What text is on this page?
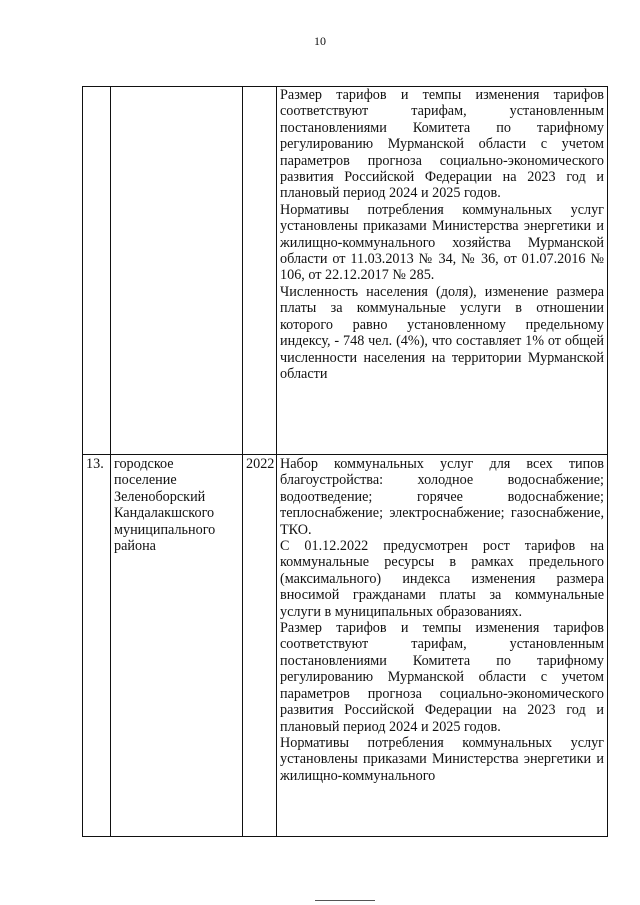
10

			Размер тарифов и темпы изменения тарифов соответствуют тарифам, установленным постановлениями Комитета по тарифному регулированию Мурманской области с учетом параметров прогноза социально-экономического развития Российской Федерации на 2023 год и плановый период 2024 и 2025 годов.

Нормативы потребления коммунальных услуг установлены приказами Министерства энергетики и жилищно-коммунального хозяйства Мурманской области от 11.03.2013 № 34, № 36, от 01.07.2016 № 106, от 22.12.2017 № 285.

Численность населения (доля), изменение размера платы за коммунальные услуги в отношении которого равно установленному предельному индексу, - 748 чел. (4%), что составляет 1% от общей численности населения на территории Мурманской области

13.	городское поселение Зеленоборский Кандалакшского муниципального района	2022	Набор коммунальных услуг для всех типов благоустройства: холодное водоснабжение; водоотведение; горячее водоснабжение; теплоснабжение; электроснабжение; газоснабжение, ТКО.

С 01.12.2022 предусмотрен рост тарифов на коммунальные ресурсы в рамках предельного (максимального) индекса изменения размера вносимой гражданами платы за коммунальные услуги в муниципальных образованиях.

Размер тарифов и темпы изменения тарифов соответствуют тарифам, установленным постановлениями Комитета по тарифному регулированию Мурманской области с учетом параметров прогноза социально-экономического развития Российской Федерации на 2023 год и плановый период 2024 и 2025 годов.

Нормативы потребления коммунальных услуг установлены приказами Министерства энергетики и жилищно-коммунального
